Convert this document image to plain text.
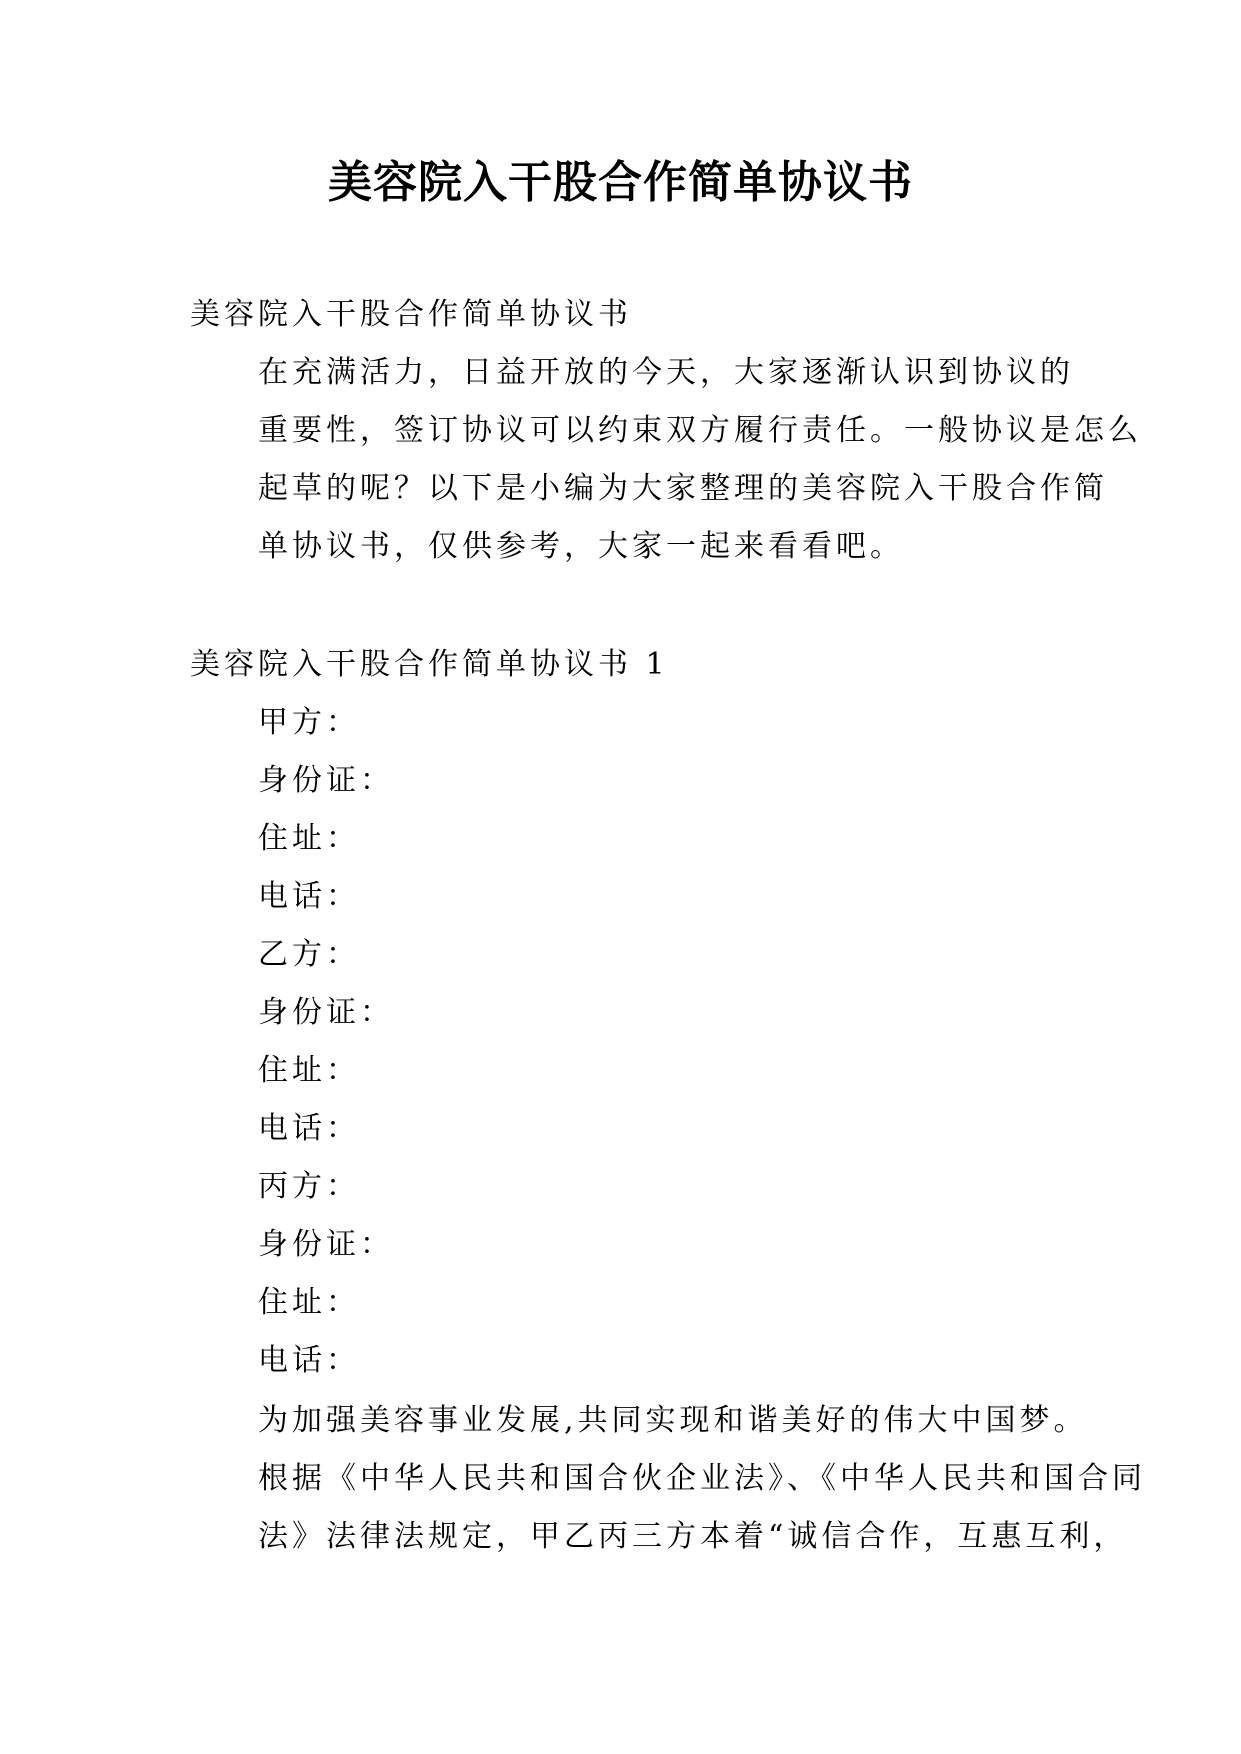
美容院入干股合作简单协议书
美容院入干股合作简单协议书
在充满活力，日益开放的今天，大家逐渐认识到协议的
重要性，签订协议可以约束双方履行责任。一般协议是怎么
起草的呢？以下是小编为大家整理的美容院入干股合作简
单协议书，仅供参考，大家一起来看看吧。
美容院入干股合作简单协议书 1
甲方：
身份证：
住址：
电话：
乙方：
身份证：
住址：
电话：
丙方：
身份证：
住址：
电话：
为加强美容事业发展,共同实现和谐美好的伟大中国梦。
根据《中华人民共和国合伙企业法》、《中华人民共和国合同
法》法律法规定，甲乙丙三方本着“诚信合作，互惠互利，
